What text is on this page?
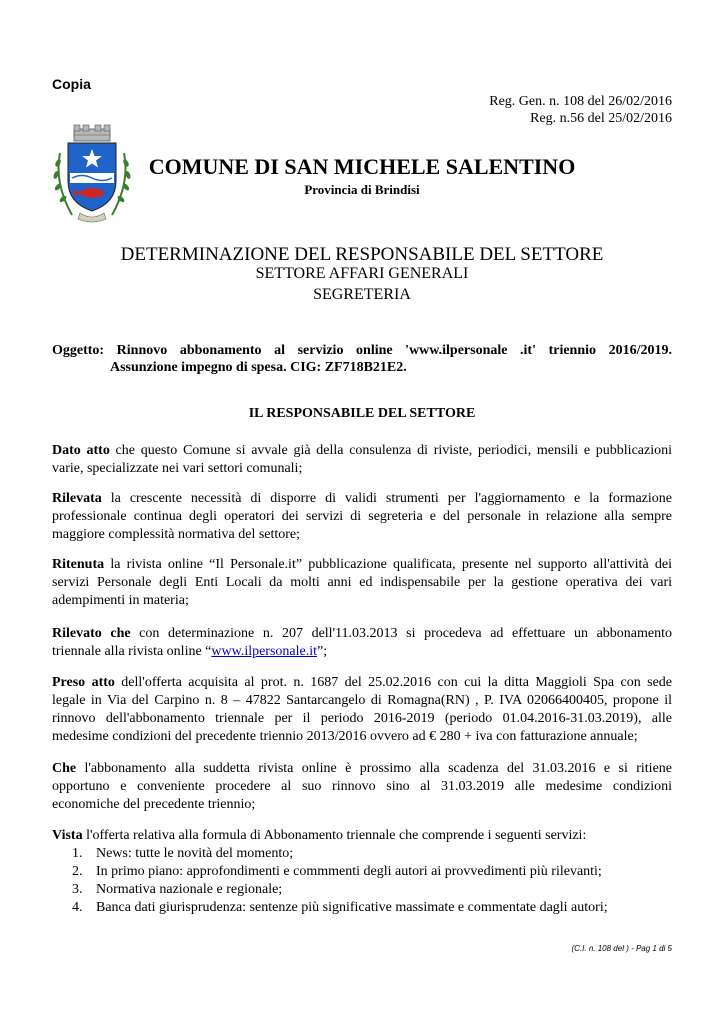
Copia
Reg. Gen. n. 108 del 26/02/2016
Reg. n.56 del 25/02/2016
COMUNE DI SAN MICHELE SALENTINO
Provincia di Brindisi
DETERMINAZIONE DEL RESPONSABILE DEL SETTORE
SETTORE AFFARI GENERALI
SEGRETERIA
Oggetto: Rinnovo abbonamento al servizio online 'www.ilpersonale .it' triennio 2016/2019.
Assunzione impegno di spesa. CIG: ZF718B21E2.
IL RESPONSABILE DEL SETTORE
Dato atto che questo Comune si avvale già della consulenza di riviste, periodici, mensili e pubblicazioni
varie, specializzate nei vari settori comunali;
Rilevata la crescente necessità di disporre di validi strumenti per l'aggiornamento e la formazione
professionale continua degli operatori dei servizi di segreteria e del personale in relazione alla sempre
maggiore complessità normativa del settore;
Ritenuta la rivista online “Il Personale.it” pubblicazione qualificata, presente nel supporto all'attività dei
servizi Personale degli Enti Locali da molti anni ed indispensabile per la gestione operativa dei vari
adempimenti in materia;
Rilevato che con determinazione n. 207 dell'11.03.2013 si procedeva ad effettuare un abbonamento
triennale alla rivista online “www.ilpersonale.it”;
Preso atto dell'offerta acquisita al prot. n. 1687 del 25.02.2016 con cui la ditta Maggioli Spa con sede
legale in Via del Carpino n. 8 – 47822 Santarcangelo di Romagna(RN) , P. IVA 02066400405, propone il
rinnovo dell'abbonamento triennale per il periodo 2016-2019 (periodo 01.04.2016-31.03.2019), alle
medesime condizioni del precedente triennio 2013/2016 ovvero ad € 280 + iva con fatturazione annuale;
Che l'abbonamento alla suddetta rivista online è prossimo alla scadenza del 31.03.2016 e si ritiene
opportuno e conveniente procedere al suo rinnovo sino al 31.03.2019 alle medesime condizioni
economiche del precedente triennio;
Vista l'offerta relativa alla formula di Abbonamento triennale che comprende i seguenti servizi:
1. News: tutte le novità del momento;
2. In primo piano: approfondimenti e commmenti degli autori ai provvedimenti più rilevanti;
3. Normativa nazionale e regionale;
4. Banca dati giurisprudenza: sentenze più significative massimate e commentate dagli autori;
(C.I. n. 108 del ) - Pag 1 di 5
